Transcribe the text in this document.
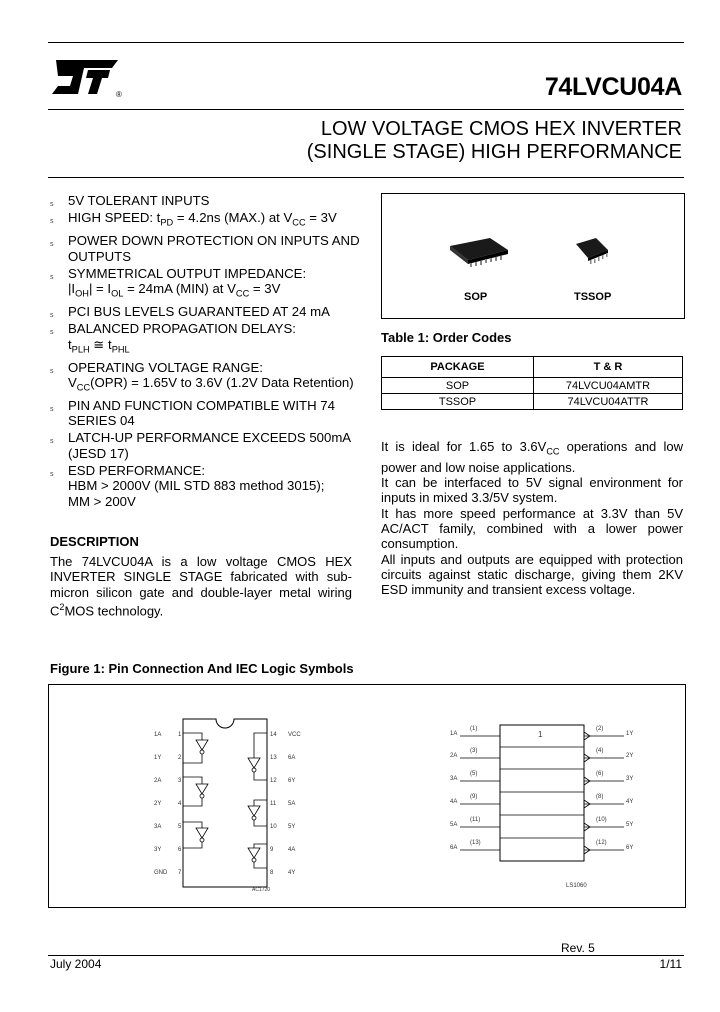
®	74LVCU04A
LOW VOLTAGE CMOS HEX INVERTER
(SINGLE STAGE) HIGH PERFORMANCE
s 5V TOLERANT INPUTS
s HIGH SPEED: $t_{PD} = 4.2ns$ (MAX.) at $V_{CC} = 3V$
s POWER DOWN PROTECTION ON INPUTS AND OUTPUTS
s SYMMETRICAL OUTPUT IMPEDANCE:
$|I_{OH}| = I_{OL} = 24mA$ (MIN) at $V_{CC} = 3V$
s PCI BUS LEVELS GUARANTEED AT 24 mA
s BALANCED PROPAGATION DELAYS:
$t_{PLH}$ ≅ $t_{PHL}$
s OPERATING VOLTAGE RANGE:
$V_{CC}(OPR) = 1.65V$ to 3.6V (1.2V Data Retention)
s PIN AND FUNCTION COMPATIBLE WITH 74 SERIES 04
s LATCH-UP PERFORMANCE EXCEEDS 500mA (JESD 17)
s ESD PERFORMANCE:
HBM > 2000V (MIL STD 883 method 3015);
MM > 200V
DESCRIPTION
The 74LVCU04A is a low voltage CMOS HEX INVERTER SINGLE STAGE fabricated with sub-micron silicon gate and double-layer metal wiring $C^2MOS$ technology.
SOP	TSSOP
Table 1: Order Codes
PACKAGE	T & R
SOP	74LVCU04AMTR
TSSOP	74LVCU04ATTR
It is ideal for 1.65 to $3.6V_{CC}$ operations and low power and low noise applications.
It can be interfaced to 5V signal environment for inputs in mixed 3.3/5V system.
It has more speed performance at 3.3V than 5V AC/ACT family, combined with a lower power consumption.
All inputs and outputs are equipped with protection circuits against static discharge, giving them 2KV ESD immunity and transient excess voltage.
Figure 1: Pin Connection And IEC Logic Symbols
1A
1Y
2A
2Y
3A
3Y
GND
1
2
3
4
5
6
7
14
13
12
11
10
9
8
VCC
6A
6Y
5A
5Y
4A
4Y
AC1720
1
1A
2A
3A
4A
5A
6A
(1)
(3)
(5)
(9)
(11)
(13)
(2)
(4)
(6)
(8)
(10)
(12)
1Y
2Y
3Y
4Y
5Y
6Y
LS1060
Rev. 5
July 2004	1/11
